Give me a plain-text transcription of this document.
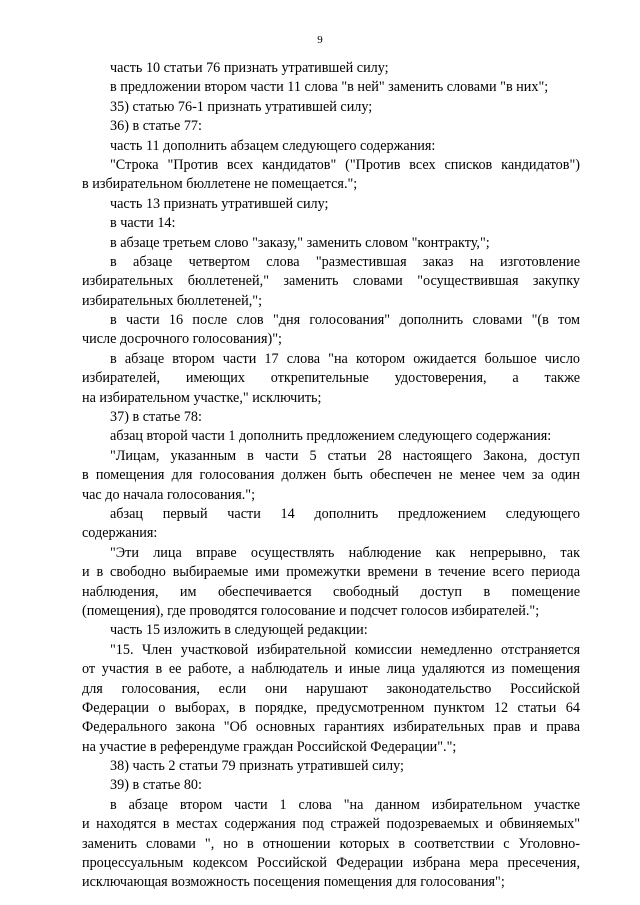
9
часть 10 статьи 76 признать утратившей силу;
в предложении втором части 11 слова "в ней" заменить словами "в них";
35) статью 76-1 признать утратившей силу;
36) в статье 77:
часть 11 дополнить абзацем следующего содержания:
"Строка "Против всех кандидатов" ("Против всех списков кандидатов")
в избирательном бюллетене не помещается.";
часть 13 признать утратившей силу;
в части 14:
в абзаце третьем слово "заказу," заменить словом "контракту,";
в абзаце четвертом слова "разместившая заказ на изготовление
избирательных бюллетеней," заменить словами "осуществившая закупку
избирательных бюллетеней,";
в части 16 после слов "дня голосования" дополнить словами "(в том
числе досрочного голосования)";
в абзаце втором части 17 слова "на котором ожидается большое число
избирателей, имеющих открепительные удостоверения, а также
на избирательном участке," исключить;
37) в статье 78:
абзац второй части 1 дополнить предложением следующего содержания:
"Лицам, указанным в части 5 статьи 28 настоящего Закона, доступ
в помещения для голосования должен быть обеспечен не менее чем за один
час до начала голосования.";
абзац первый части 14 дополнить предложением следующего
содержания:
"Эти лица вправе осуществлять наблюдение как непрерывно, так
и в свободно выбираемые ими промежутки времени в течение всего периода
наблюдения, им обеспечивается свободный доступ в помещение
(помещения), где проводятся голосование и подсчет голосов избирателей.";
часть 15 изложить в следующей редакции:
"15. Член участковой избирательной комиссии немедленно отстраняется
от участия в ее работе, а наблюдатель и иные лица удаляются из помещения
для голосования, если они нарушают законодательство Российской
Федерации о выборах, в порядке, предусмотренном пунктом 12 статьи 64
Федерального закона "Об основных гарантиях избирательных прав и права
на участие в референдуме граждан Российской Федерации".";
38) часть 2 статьи 79 признать утратившей силу;
39) в статье 80:
в абзаце втором части 1 слова "на данном избирательном участке
и находятся в местах содержания под стражей подозреваемых и обвиняемых"
заменить словами ", но в отношении которых в соответствии с Уголовно-
процессуальным кодексом Российской Федерации избрана мера пресечения,
исключающая возможность посещения помещения для голосования";
